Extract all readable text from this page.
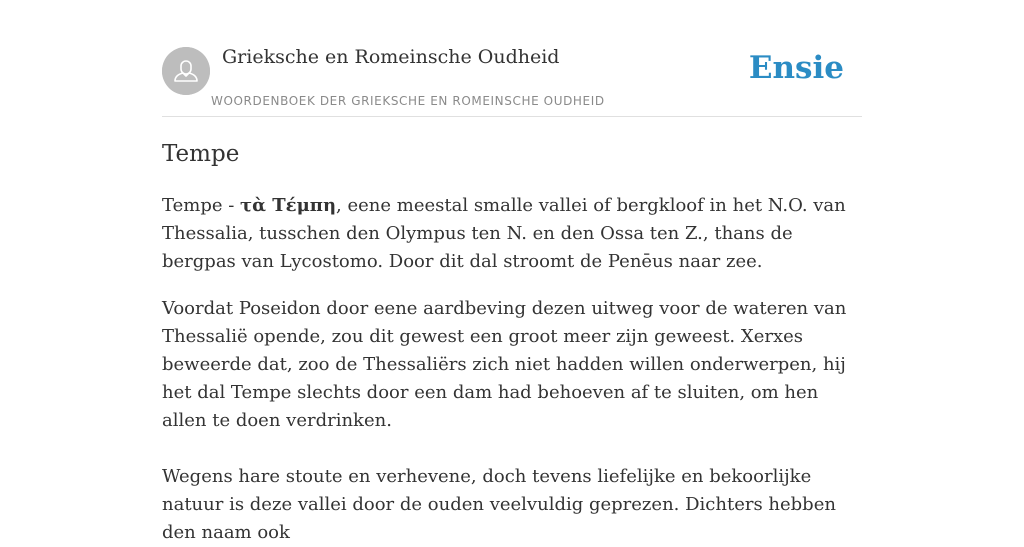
Grieksche en Romeinsche Oudheid
WOORDENBOEK DER GRIEKSCHE EN ROMEINSCHE OUDHEID
Ensie
Tempe

Tempe - τὰ Τέμπη, eene meestal smalle vallei of bergkloof in het N.O. van Thessalia, tusschen den Olympus ten N. en den Ossa ten Z., thans de bergpas van Lycostomo. Door dit dal stroomt de Penēus naar zee.

Voordat Poseidon door eene aardbeving dezen uitweg voor de wateren van Thessalië opende, zou dit gewest een groot meer zijn geweest. Xerxes beweerde dat, zoo de Thessaliërs zich niet hadden willen onderwerpen, hij het dal Tempe slechts door een dam had behoeven af te sluiten, om hen allen te doen verdrinken.

Wegens hare stoute en verhevene, doch tevens liefelijke en bekoorlijke natuur is deze vallei door de ouden veelvuldig geprezen. Dichters hebben den naam ook
